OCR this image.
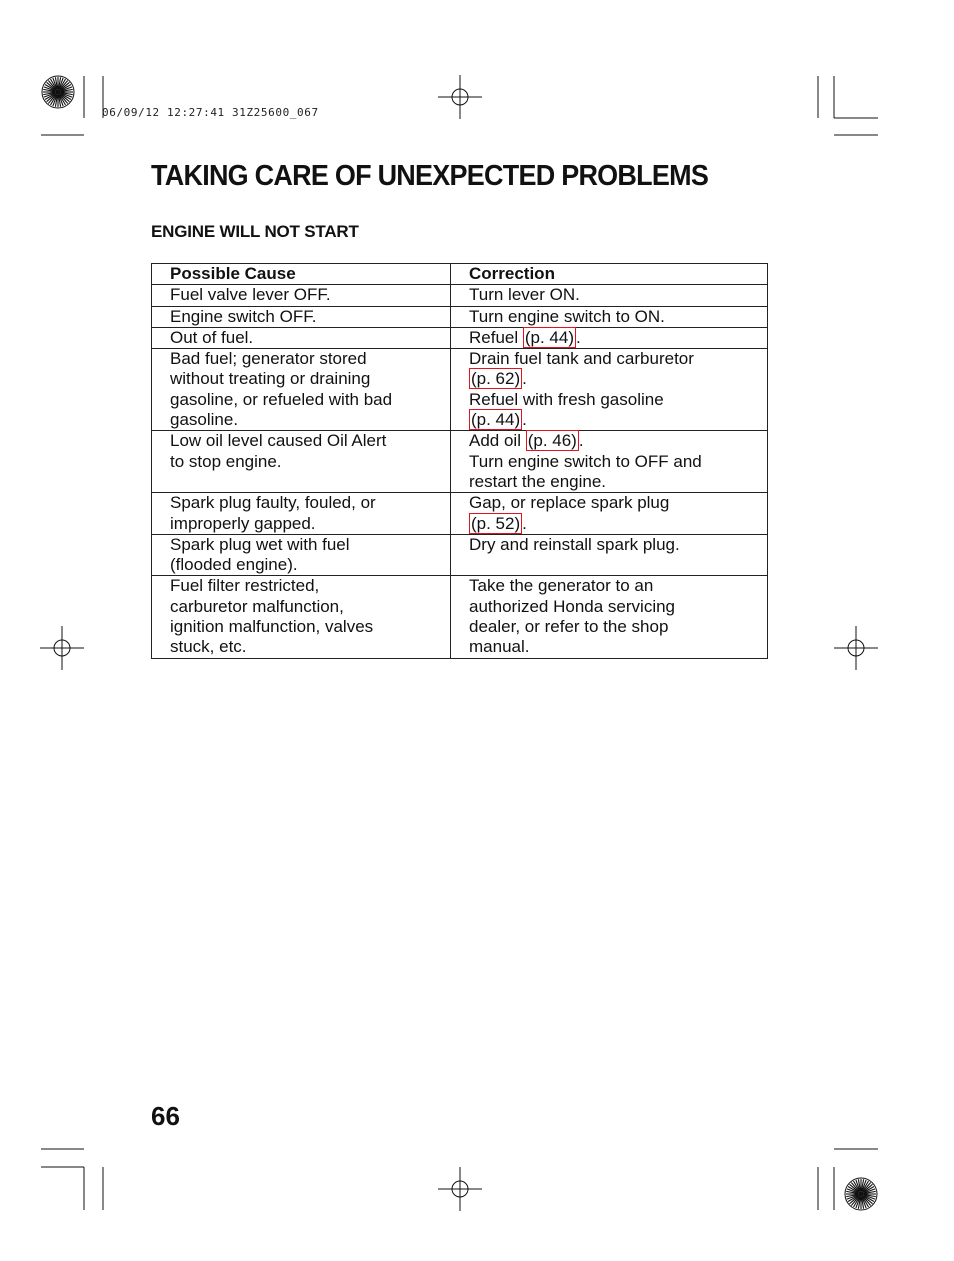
06/09/12 12:27:41 31Z25600_067
TAKING CARE OF UNEXPECTED PROBLEMS
ENGINE WILL NOT START
Possible Cause	Correction

Fuel valve lever OFF.	Turn lever ON.

Engine switch OFF.	Turn engine switch to ON.

Out of fuel.	Refuel (p. 44) .

Bad fuel; generator stored
without treating or draining
gasoline, or refueled with bad
gasoline.	Drain fuel tank and carburetor
(p. 62) .
Refuel with fresh gasoline
(p. 44) .

Low oil level caused Oil Alert
to stop engine.	Add oil (p. 46) .
Turn engine switch to OFF and
restart the engine.

Spark plug faulty, fouled, or
improperly gapped.	Gap, or replace spark plug
(p. 52) .

Spark plug wet with fuel
(flooded engine).	Dry and reinstall spark plug.

Fuel filter restricted,
carburetor malfunction,
ignition malfunction, valves
stuck, etc.	Take the generator to an
authorized Honda servicing
dealer, or refer to the shop
manual.
66
